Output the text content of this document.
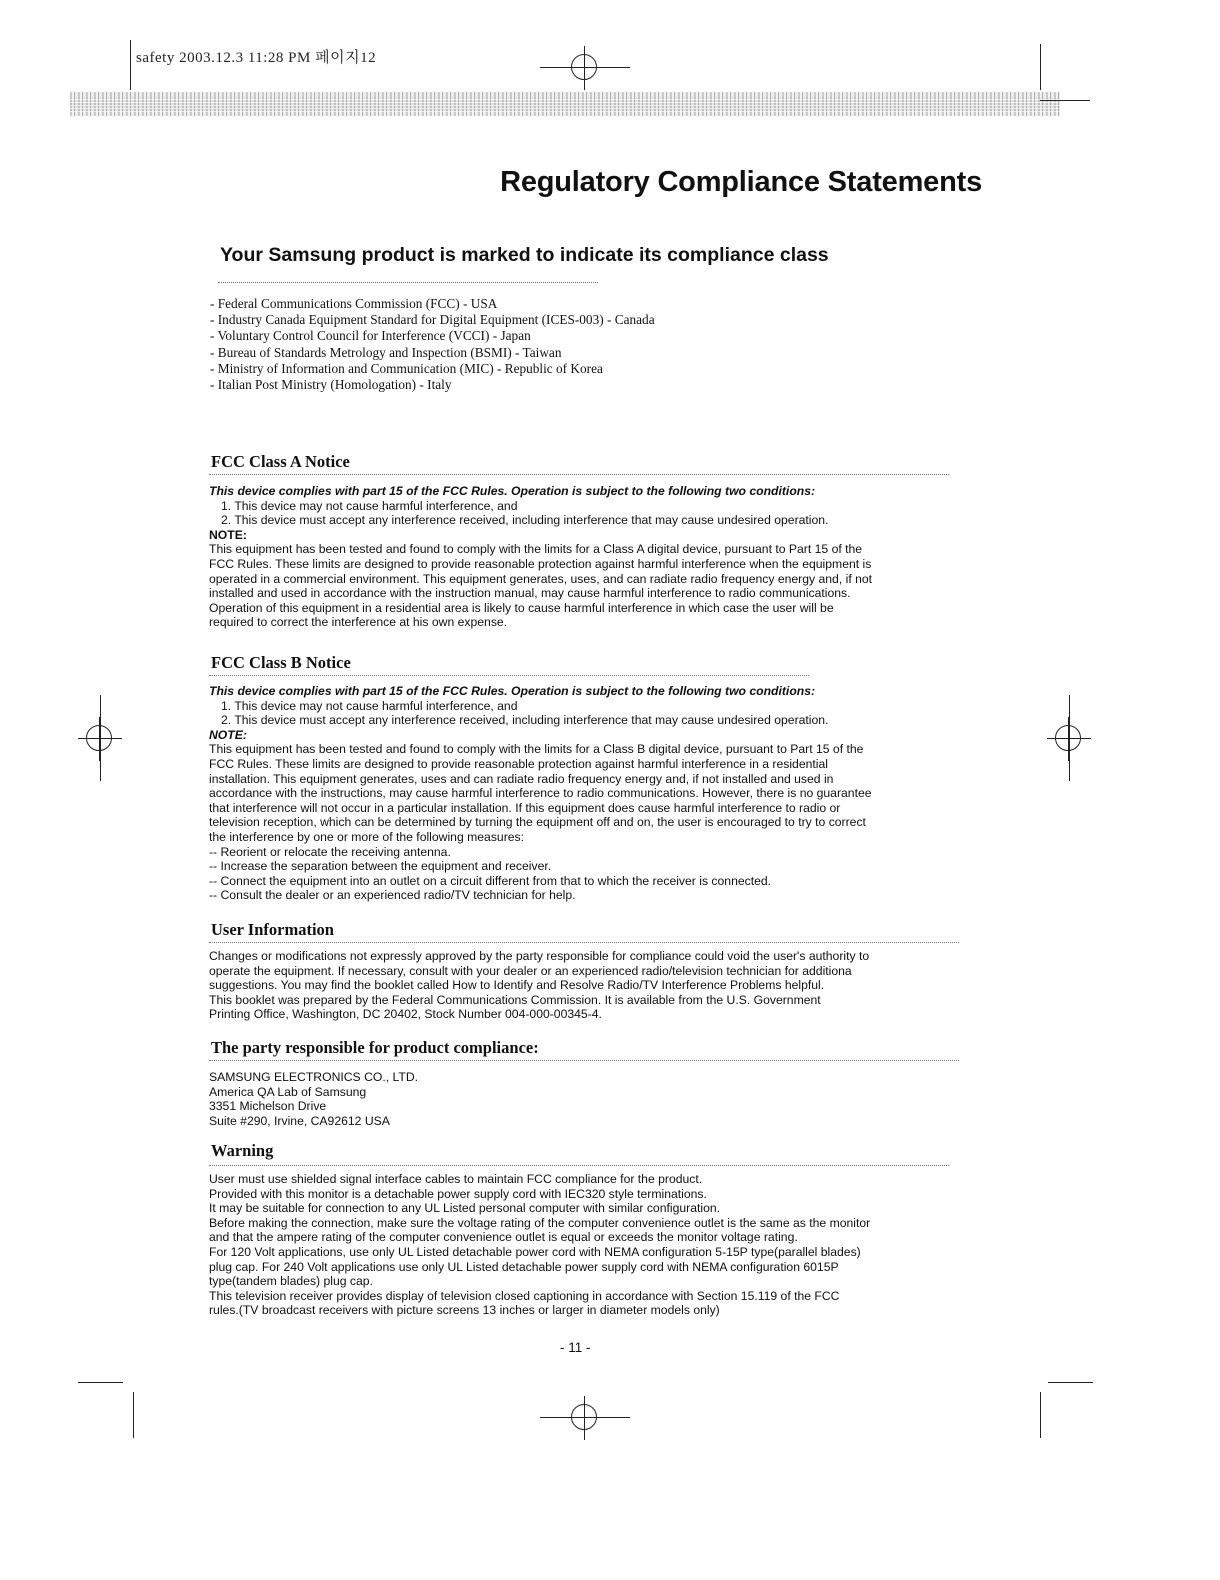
safety 2003.12.3 11:28 PM 페이지12
Regulatory Compliance Statements
Your Samsung product is marked to indicate its compliance class
- Federal Communications Commission (FCC) - USA
- Industry Canada Equipment Standard for Digital Equipment (ICES-003) - Canada
- Voluntary Control Council for Interference (VCCI) - Japan
- Bureau of Standards Metrology and Inspection (BSMI) - Taiwan
- Ministry of Information and Communication (MIC) - Republic of Korea
- Italian Post Ministry (Homologation) - Italy
FCC Class A Notice

This device complies with part 15 of the FCC Rules. Operation is subject to the following two conditions:

1. This device may not cause harmful interference, and

2. This device must accept any interference received, including interference that may cause undesired operation.

NOTE:

This equipment has been tested and found to comply with the limits for a Class A digital device, pursuant to Part 15 of the

FCC Rules. These limits are designed to provide reasonable protection against harmful interference when the equipment is

operated in a commercial environment. This equipment generates, uses, and can radiate radio frequency energy and, if not

installed and used in accordance with the instruction manual, may cause harmful interference to radio communications.

Operation of this equipment in a residential area is likely to cause harmful interference in which case the user will be

required to correct the interference at his own expense.

FCC Class B Notice

This device complies with part 15 of the FCC Rules. Operation is subject to the following two conditions:

1. This device may not cause harmful interference, and

2. This device must accept any interference received, including interference that may cause undesired operation.

NOTE:

This equipment has been tested and found to comply with the limits for a Class B digital device, pursuant to Part 15 of the

FCC Rules. These limits are designed to provide reasonable protection against harmful interference in a residential

installation. This equipment generates, uses and can radiate radio frequency energy and, if not installed and used in

accordance with the instructions, may cause harmful interference to radio communications. However, there is no guarantee

that interference will not occur in a particular installation. If this equipment does cause harmful interference to radio or

television reception, which can be determined by turning the equipment off and on, the user is encouraged to try to correct

the interference by one or more of the following measures:

-- Reorient or relocate the receiving antenna.

-- Increase the separation between the equipment and receiver.

-- Connect the equipment into an outlet on a circuit different from that to which the receiver is connected.

-- Consult the dealer or an experienced radio/TV technician for help.

User Information

Changes or modifications not expressly approved by the party responsible for compliance could void the user's authority to

operate the equipment. If necessary, consult with your dealer or an experienced radio/television technician for additiona

suggestions. You may find the booklet called How to Identify and Resolve Radio/TV Interference Problems helpful.

This booklet was prepared by the Federal Communications Commission. It is available from the U.S. Government

Printing Office, Washington, DC 20402, Stock Number 004-000-00345-4.

The party responsible for product compliance:

SAMSUNG ELECTRONICS CO., LTD.

America QA Lab of Samsung

3351 Michelson Drive

Suite #290, Irvine, CA92612 USA

Warning

User must use shielded signal interface cables to maintain FCC compliance for the product.

Provided with this monitor is a detachable power supply cord with IEC320 style terminations.

It may be suitable for connection to any UL Listed personal computer with similar configuration.

Before making the connection, make sure the voltage rating of the computer convenience outlet is the same as the monitor

and that the ampere rating of the computer convenience outlet is equal or exceeds the monitor voltage rating.

For 120 Volt applications, use only UL Listed detachable power cord with NEMA configuration 5-15P type(parallel blades)

plug cap. For 240 Volt applications use only UL Listed detachable power supply cord with NEMA configuration 6015P

type(tandem blades) plug cap.

This television receiver provides display of television closed captioning in accordance with Section 15.119 of the FCC

rules.(TV broadcast receivers with picture screens 13 inches or larger in diameter models only)

- 11 -
